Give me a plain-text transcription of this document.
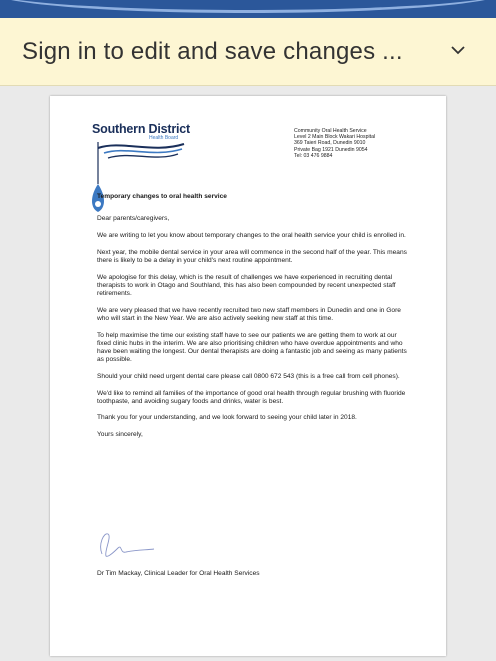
Sign in to edit and save changes ...
Southern District
Health Board
Community Oral Health Service
Level 2 Main Block Wakari Hospital
369 Taieri Road, Dunedin 9010
Private Bag 1921 Dunedin 9054
Tel: 03 476 9884

Temporary changes to oral health service

Dear parents/caregivers,

We are writing to let you know about temporary changes to the oral health service your child is enrolled in.

Next year, the mobile dental service in your area will commence in the second half of the year. This means there is likely to be a delay in your child's next routine appointment.

We apologise for this delay, which is the result of challenges we have experienced in recruiting dental therapists to work in Otago and Southland, this has also been compounded by recent unexpected staff retirements.

We are very pleased that we have recently recruited two new staff members in Dunedin and one in Gore who will start in the New Year. We are also actively seeking new staff at this time.

To help maximise the time our existing staff have to see our patients we are getting them to work at our fixed clinic hubs in the interim. We are also prioritising children who have overdue appointments and who have been waiting the longest. Our dental therapists are doing a fantastic job and seeing as many patients as possible.

Should your child need urgent dental care please call 0800 672 543 (this is a free call from cell phones).

We'd like to remind all families of the importance of good oral health through regular brushing with fluoride toothpaste, and avoiding sugary foods and drinks, water is best.

Thank you for your understanding, and we look forward to seeing your child later in 2018.

Yours sincerely,

Dr Tim Mackay, Clinical Leader for Oral Health Services
